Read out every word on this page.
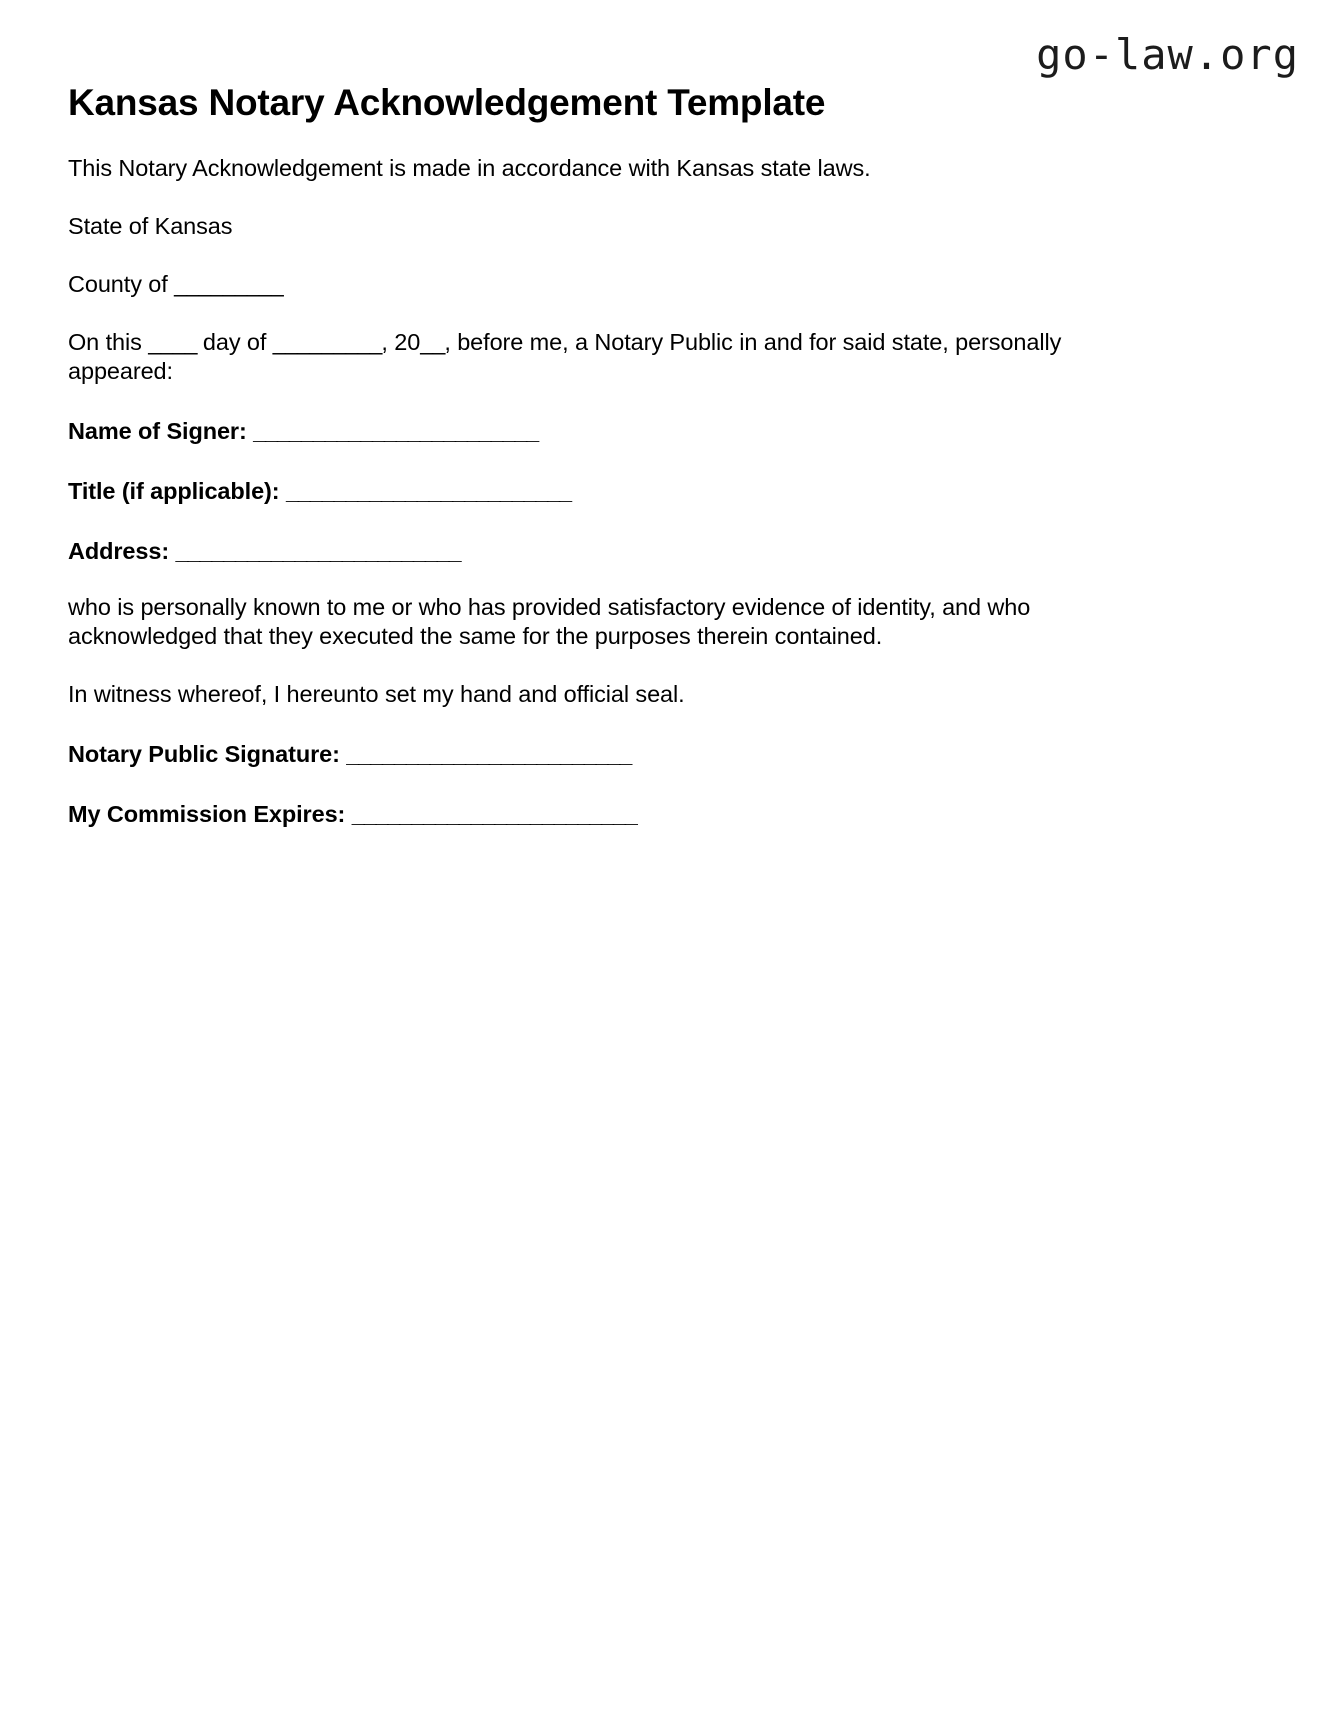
go-law.org
Kansas Notary Acknowledgement Template

This Notary Acknowledgement is made in accordance with Kansas state laws.

State of Kansas

County of _________

On this ____ day of _________, 20__, before me, a Notary Public in and for said state, personally appeared:

Name of Signer: ________________________

Title (if applicable): ________________________

Address: ________________________

who is personally known to me or who has provided satisfactory evidence of identity, and who acknowledged that they executed the same for the purposes therein contained.

In witness whereof, I hereunto set my hand and official seal.

Notary Public Signature: ________________________

My Commission Expires: ________________________
